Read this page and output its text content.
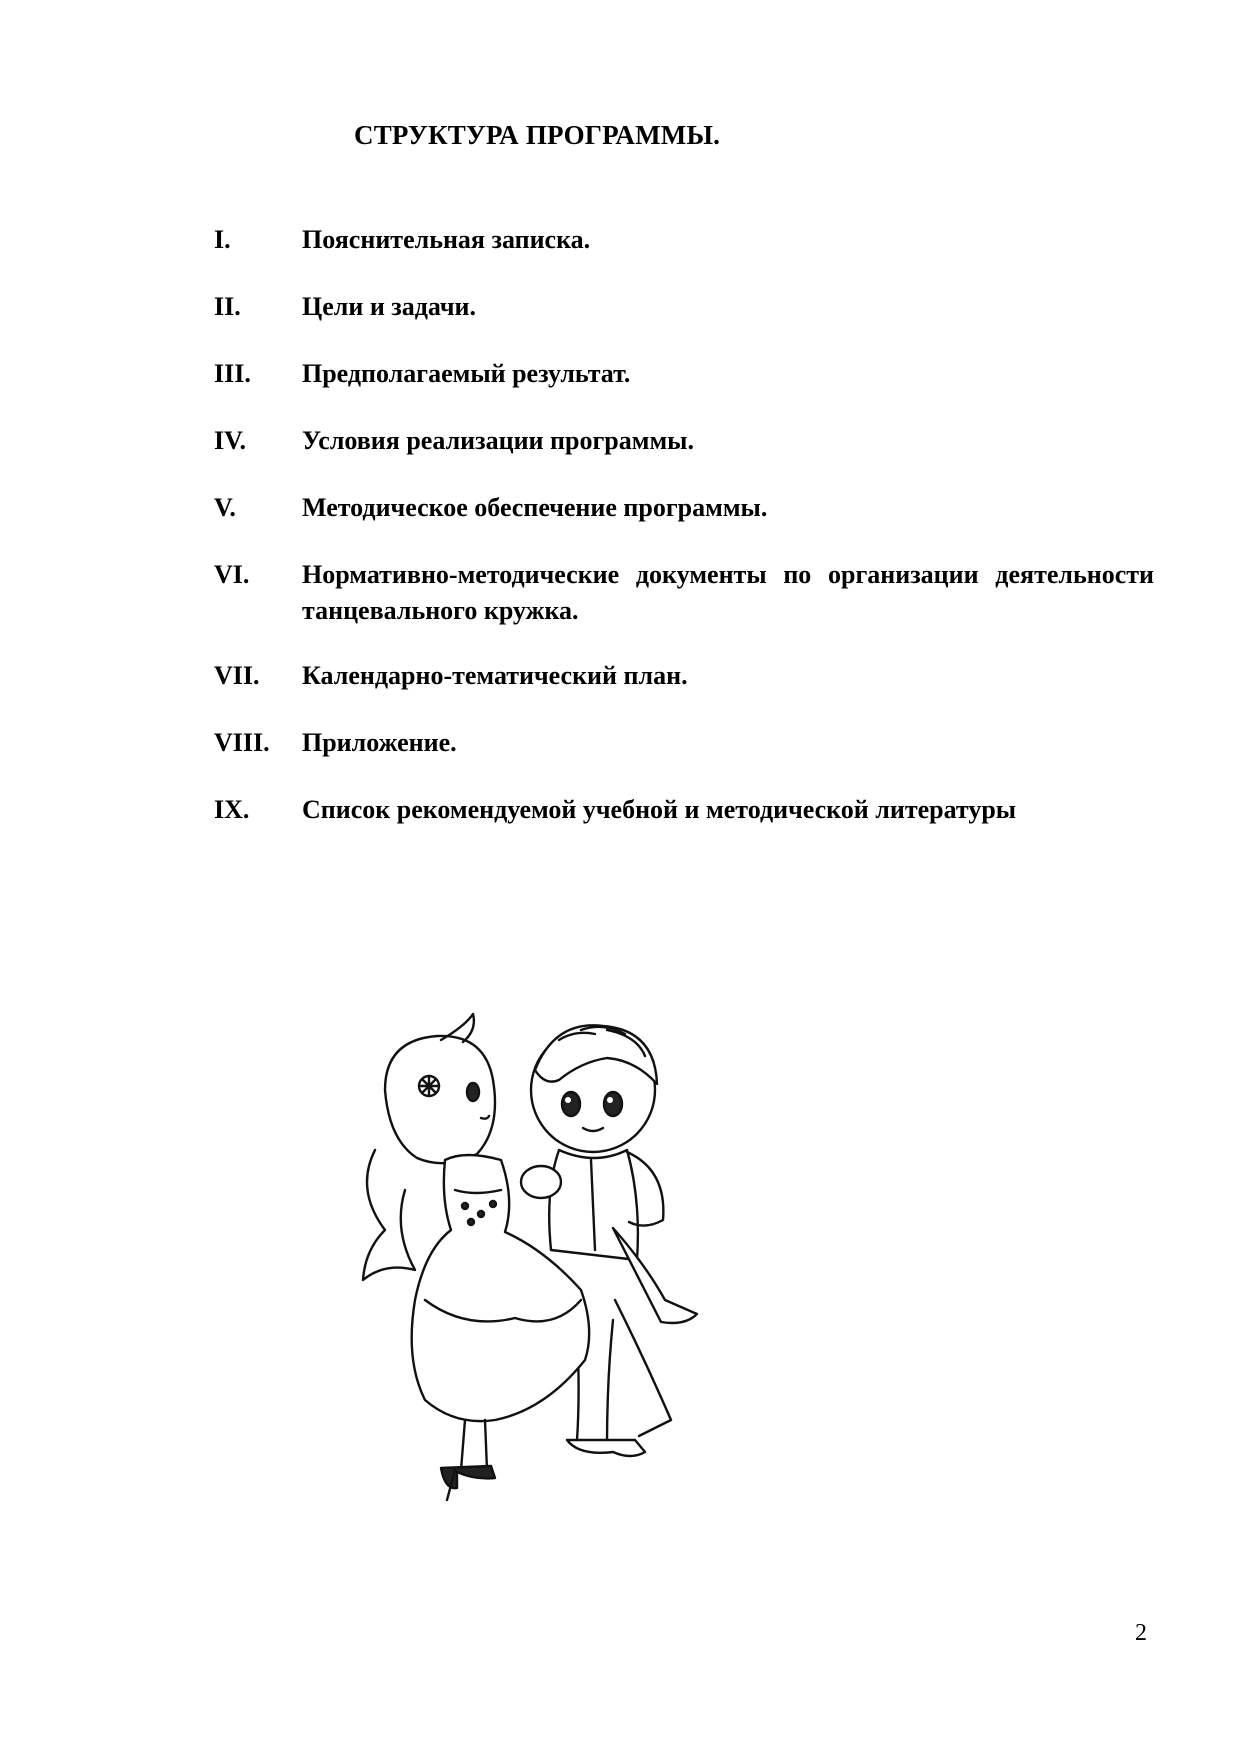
СТРУКТУРА ПРОГРАММЫ.
I.	Пояснительная записка.
II.	Цели и задачи.
III.	Предполагаемый результат.
IV.	Условия реализации программы.
V.	Методическое обеспечение программы.
VI.	Нормативно-методические документы по организации деятельности танцевального кружка.
VII.	Календарно-тематический план.
VIII.	Приложение.
IX.	Список рекомендуемой учебной и методической литературы
2
